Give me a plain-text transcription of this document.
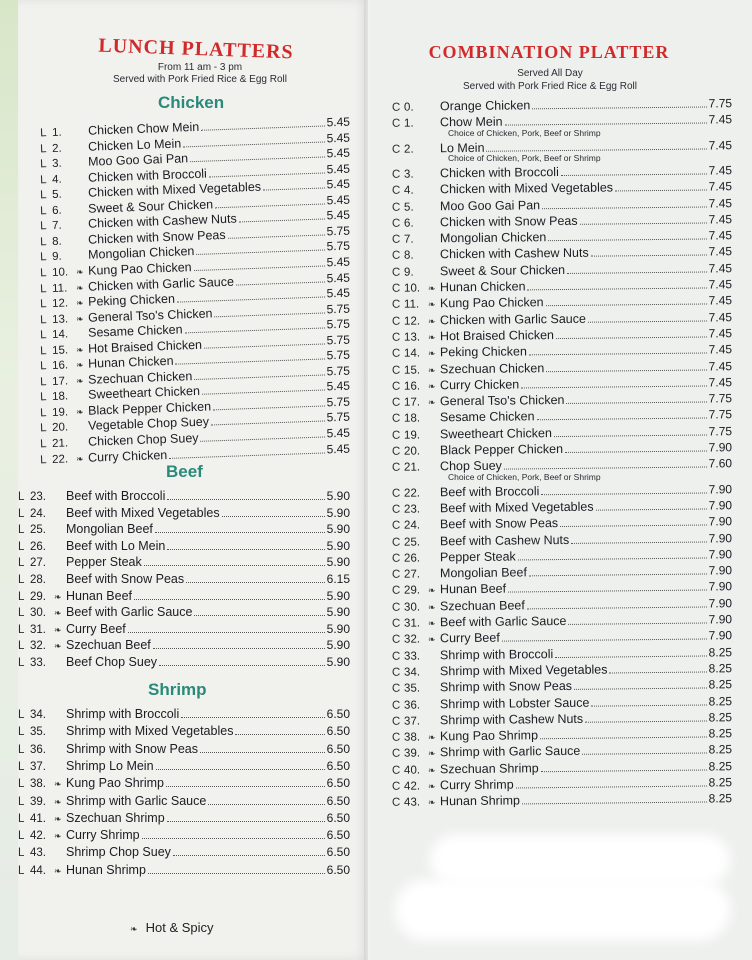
LUNCH PLATTERS
From 11 am - 3 pm
Served with Pork Fried Rice & Egg Roll
COMBINATION PLATTER
Served All Day
Served with Pork Fried Rice & Egg Roll
Chicken
L 1.	Chicken Chow Mein	5.45
L 2.	Chicken Lo Mein	5.45
L 3.	Moo Goo Gai Pan	5.45
L 4.	Chicken with Broccoli	5.45
L 5.	Chicken with Mixed Vegetables	5.45
L 6.	Sweet & Sour Chicken	5.45
L 7.	Chicken with Cashew Nuts	5.45
L 8.	Chicken with Snow Peas	5.75
L 9.	Mongolian Chicken	5.75
L 10. ❧ Kung Pao Chicken	5.45
L 11. ❧ Chicken with Garlic Sauce	5.45
L 12. ❧ Peking Chicken	5.45
L 13. ❧ General Tso's Chicken	5.75
L 14.	Sesame Chicken	5.75
L 15. ❧ Hot Braised Chicken	5.75
L 16. ❧ Hunan Chicken	5.75
L 17. ❧ Szechuan Chicken	5.75
L 18.	Sweetheart Chicken	5.45
L 19. ❧ Black Pepper Chicken	5.75
L 20.	Vegetable Chop Suey	5.75
L 21.	Chicken Chop Suey	5.45
L 22. ❧ Curry Chicken	5.45
Beef
L 23.	Beef with Broccoli	5.90
L 24.	Beef with Mixed Vegetables	5.90
L 25.	Mongolian Beef	5.90
L 26.	Beef with Lo Mein	5.90
L 27.	Pepper Steak	5.90
L 28.	Beef with Snow Peas	6.15
L 29. ❧ Hunan Beef	5.90
L 30. ❧ Beef with Garlic Sauce	5.90
L 31. ❧ Curry Beef	5.90
L 32. ❧ Szechuan Beef	5.90
L 33.	Beef Chop Suey	5.90
Shrimp
L 34.	Shrimp with Broccoli	6.50
L 35.	Shrimp with Mixed Vegetables	6.50
L 36.	Shrimp with Snow Peas	6.50
L 37.	Shrimp Lo Mein	6.50
L 38. ❧ Kung Pao Shrimp	6.50
L 39. ❧ Shrimp with Garlic Sauce	6.50
L 41. ❧ Szechuan Shrimp	6.50
L 42. ❧ Curry Shrimp	6.50
L 43.	Shrimp Chop Suey	6.50
L 44. ❧ Hunan Shrimp	6.50
C 0.	Orange Chicken	7.75
C 1.	Chow Mein	7.45
Choice of Chicken, Pork, Beef or Shrimp
C 2.	Lo Mein	7.45
Choice of Chicken, Pork, Beef or Shrimp
C 3.	Chicken with Broccoli	7.45
C 4.	Chicken with Mixed Vegetables	7.45
C 5.	Moo Goo Gai Pan	7.45
C 6.	Chicken with Snow Peas	7.45
C 7.	Mongolian Chicken	7.45
C 8.	Chicken with Cashew Nuts	7.45
C 9.	Sweet & Sour Chicken	7.45
C 10. ❧ Hunan Chicken	7.45
C 11. ❧ Kung Pao Chicken	7.45
C 12. ❧ Chicken with Garlic Sauce	7.45
C 13. ❧ Hot Braised Chicken	7.45
C 14. ❧ Peking Chicken	7.45
C 15. ❧ Szechuan Chicken	7.45
C 16. ❧ Curry Chicken	7.45
C 17. ❧ General Tso's Chicken	7.75
C 18.	Sesame Chicken	7.75
C 19.	Sweetheart Chicken	7.75
C 20.	Black Pepper Chicken	7.90
C 21.	Chop Suey	7.60
Choice of Chicken, Pork, Beef or Shrimp
C 22.	Beef with Broccoli	7.90
C 23.	Beef with Mixed Vegetables	7.90
C 24.	Beef with Snow Peas	7.90
C 25.	Beef with Cashew Nuts	7.90
C 26.	Pepper Steak	7.90
C 27.	Mongolian Beef	7.90
C 29. ❧ Hunan Beef	7.90
C 30. ❧ Szechuan Beef	7.90
C 31. ❧ Beef with Garlic Sauce	7.90
C 32. ❧ Curry Beef	7.90
C 33.	Shrimp with Broccoli	8.25
C 34.	Shrimp with Mixed Vegetables	8.25
C 35.	Shrimp with Snow Peas	8.25
C 36.	Shrimp with Lobster Sauce	8.25
C 37.	Shrimp with Cashew Nuts	8.25
C 38. ❧ Kung Pao Shrimp	8.25
C 39. ❧ Shrimp with Garlic Sauce	8.25
C 40. ❧ Szechuan Shrimp	8.25
C 42. ❧ Curry Shrimp	8.25
C 43. ❧ Hunan Shrimp	8.25
❧ Hot & Spicy
